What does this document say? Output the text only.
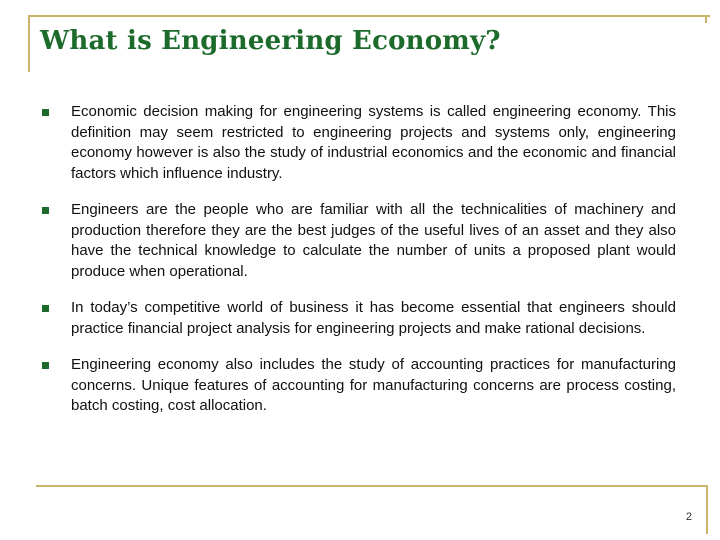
What is Engineering Economy?
Economic decision making for engineering systems is called engineering economy. This definition may seem restricted to engineering projects and systems only, engineering economy however is also the study of industrial economics and the economic and financial factors which influence industry.
Engineers are the people who are familiar with all the technicalities of machinery and production therefore they are the best judges of the useful lives of an asset and they also have the technical knowledge to calculate the number of units a proposed plant would produce when operational.
In today’s competitive world of business it has become essential that engineers should practice financial project analysis for engineering projects and make rational decisions.
Engineering economy also includes the study of accounting practices for manufacturing concerns. Unique features of accounting for manufacturing concerns are process costing, batch costing, cost allocation.
2
